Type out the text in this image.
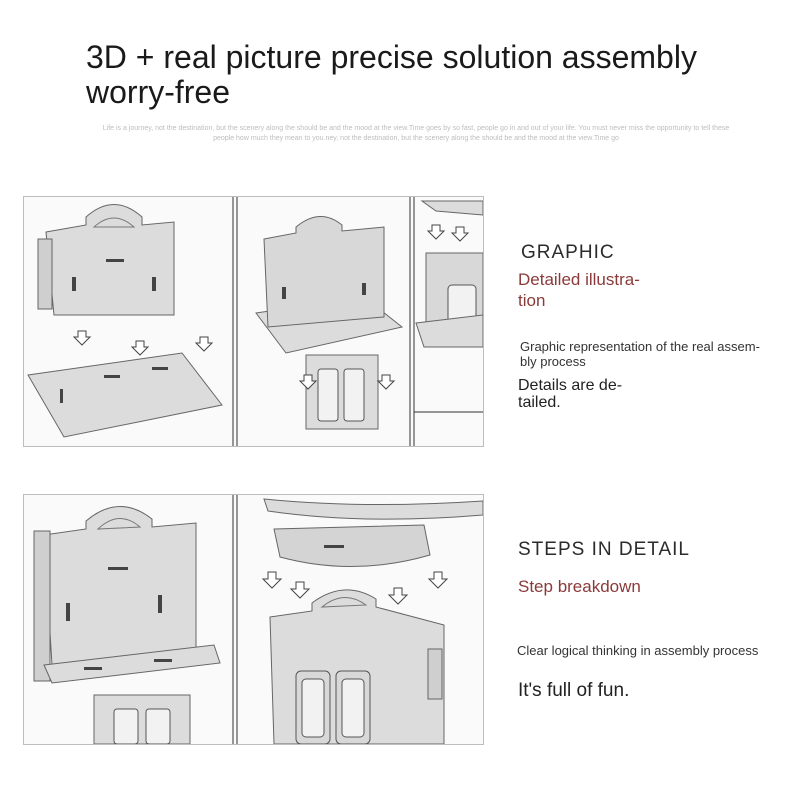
3D + real picture precise solution assembly worry-free
Life is a journey, not the destination, but the scenery along the should be and the mood at the view.Time goes by so fast, people go in and out of your life. You must never miss the opportunity to tell these people how much they mean to you.ney, not the destination, but the scenery along the should be and the mood at the view.Time go

GRAPHIC

Detailed illustra-
tion

Graphic representation of the real assem-
bly process

Details are de-
tailed.

STEPS IN DETAIL

Step breakdown

Clear logical thinking in assembly process

It's full of fun.
